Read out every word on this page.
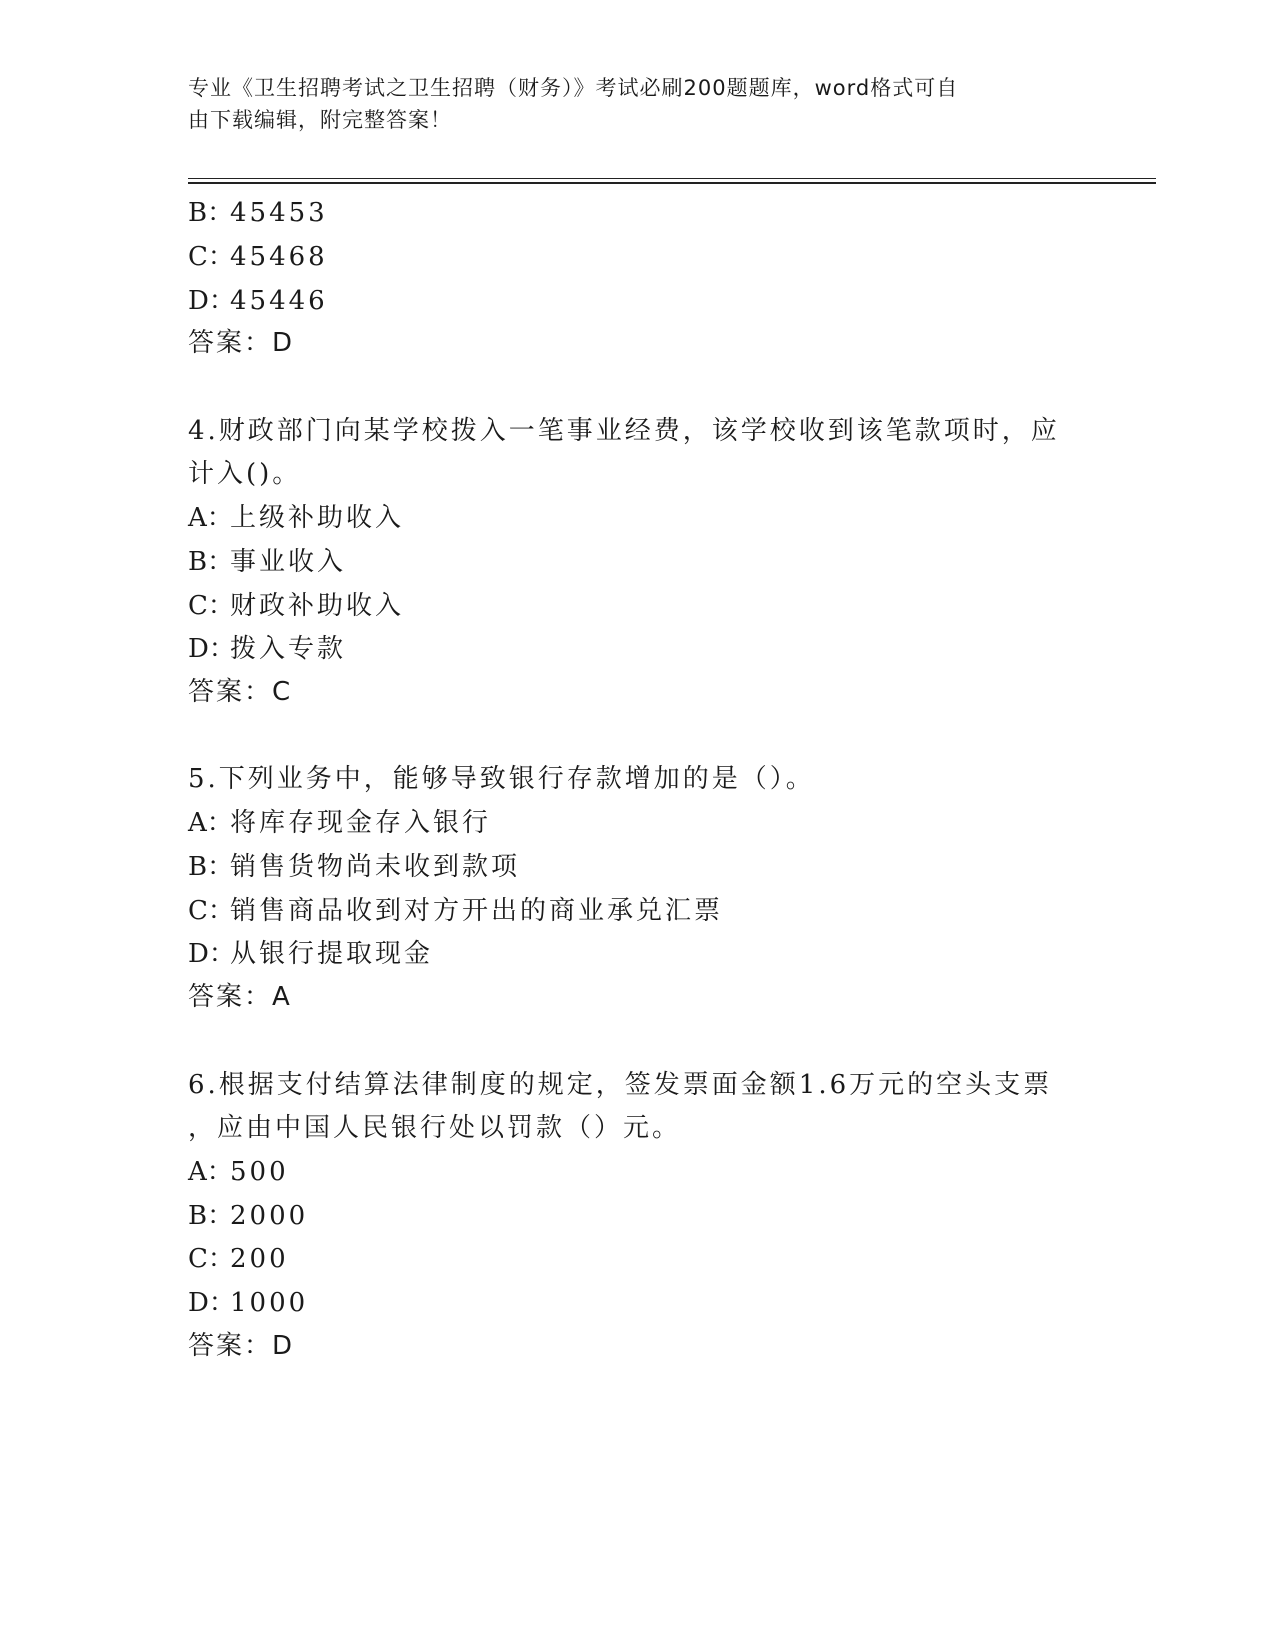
专业《卫生招聘考试之卫生招聘（财务）》考试必刷200题题库，word格式可自
由下载编辑，附完整答案！
B：45453
C：45468
D：45446
答案：D
4.财政部门向某学校拨入一笔事业经费，该学校收到该笔款项时，应
计入()。
A：上级补助收入
B：事业收入
C：财政补助收入
D：拨入专款
答案：C
5.下列业务中，能够导致银行存款增加的是（）。
A：将库存现金存入银行
B：销售货物尚未收到款项
C：销售商品收到对方开出的商业承兑汇票
D：从银行提取现金
答案：A
6.根据支付结算法律制度的规定，签发票面金额1.6万元的空头支票
，应由中国人民银行处以罚款（）元。
A：500
B：2000
C：200
D：1000
答案：D
